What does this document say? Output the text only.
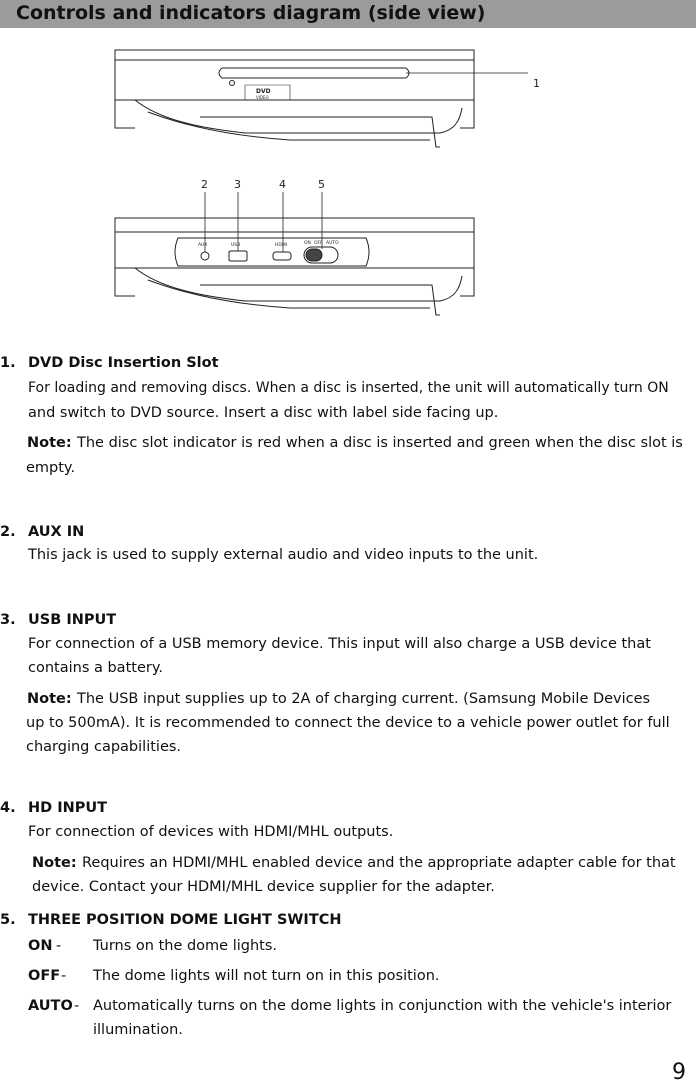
Controls and indicators diagram (side view)
DVD
VIDEO
1
AUX	USB	HDMI	ON OFF AUTO
2 3	4	5
1. DVD Disc Insertion Slot
For loading and removing discs. When a disc is inserted, the unit will automatically turn ON
and switch to DVD source. Insert a disc with label side facing up.
Note: The disc slot indicator is red when a disc is inserted and green when the disc slot is
empty.
2. AUX IN
This jack is used to supply external audio and video inputs to the unit.
3. USB INPUT
For connection of a USB memory device. This input will also charge a USB device that
contains a battery.
Note: The USB input supplies up to 2A of charging current. (Samsung Mobile Devices
up to 500mA). It is recommended to connect the device to a vehicle power outlet for full
charging capabilities.
4. HD INPUT
For connection of devices with HDMI/MHL outputs.
Note: Requires an HDMI/MHL enabled device and the appropriate adapter cable for that
device. Contact your HDMI/MHL device supplier for the adapter.
5. THREE POSITION DOME LIGHT SWITCH
ON - Turns on the dome lights.
OFF - The dome lights will not turn on in this position.
AUTO - Automatically turns on the dome lights in conjunction with the vehicle's interior
illumination.
9
